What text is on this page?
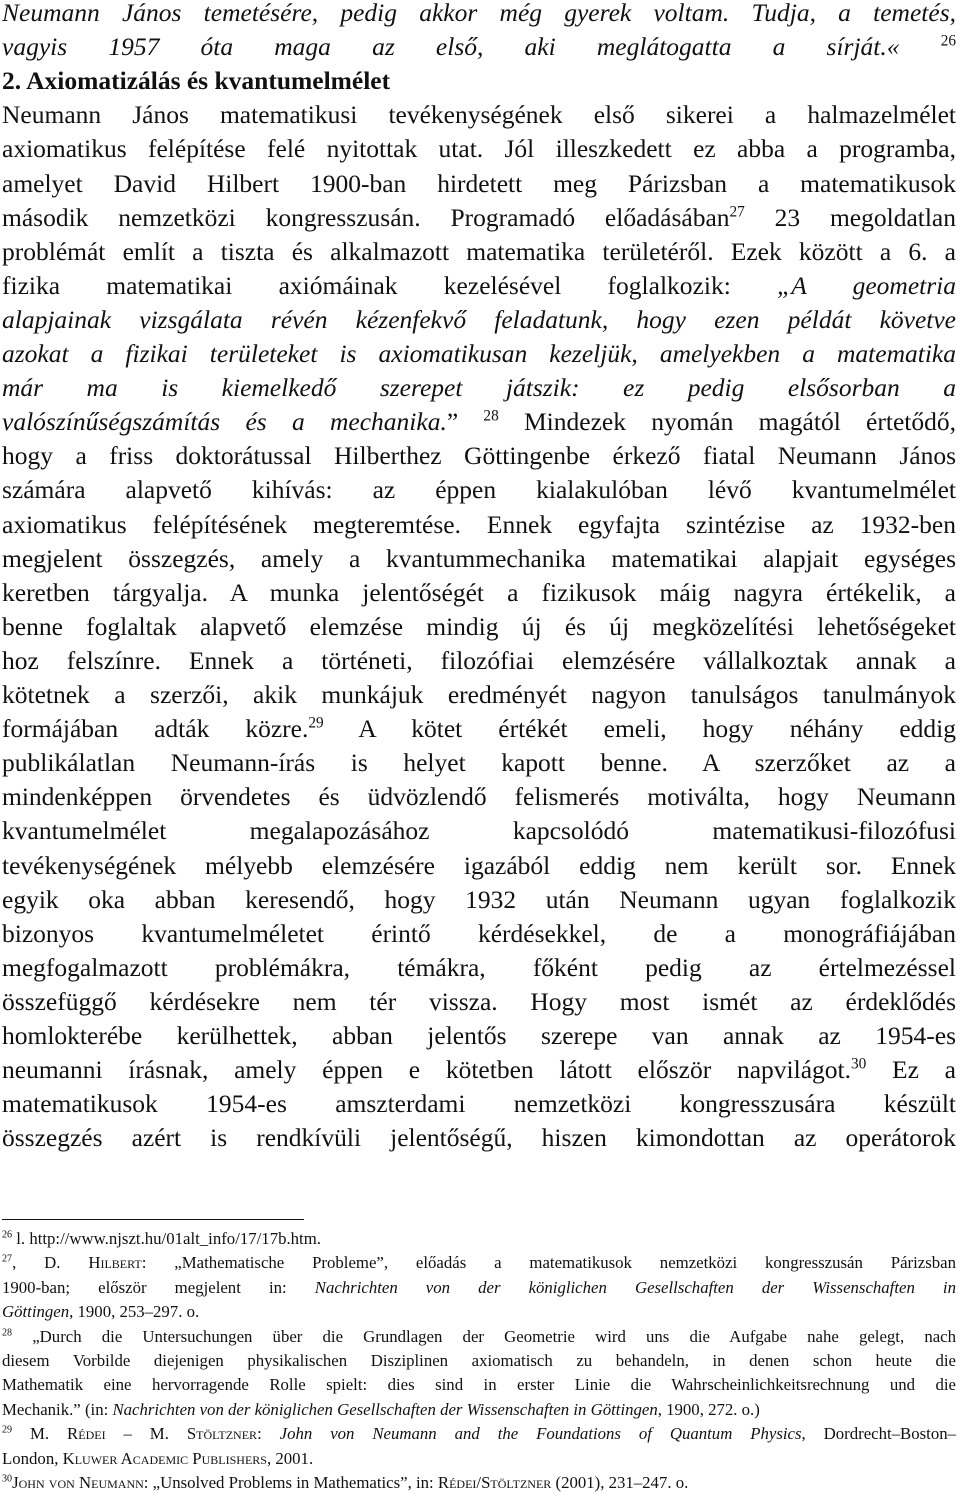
Neumann János temetésére, pedig akkor még gyerek voltam. Tudja, a temetés,
vagyis 1957 óta maga az első, aki meglátogatta a sírját.« $^{26}$
2. Axiomatizálás és kvantumelmélet
Neumann János matematikusi tevékenységének első sikerei a halmazelmélet
axiomatikus felépítése felé nyitottak utat. Jól illeszkedett ez abba a programba,
amelyet David Hilbert 1900-ban hirdetett meg Párizsban a matematikusok
második nemzetközi kongresszusán. Programadó előadásában$^{27}$ 23 megoldatlan
problémát említ a tiszta és alkalmazott matematika területéről. Ezek között a 6. a
fizika matematikai axiómáinak kezelésével foglalkozik: „A geometria
alapjainak vizsgálata révén kézenfekvő feladatunk, hogy ezen példát követve
azokat a fizikai területeket is axiomatikusan kezeljük, amelyekben a matematika
már ma is kiemelkedő szerepet játszik: ez pedig elsősorban a
valószínűségszámítás és a mechanika.” $^{28}$ Mindezek nyomán magától értetődő,
hogy a friss doktorátussal Hilberthez Göttingenbe érkező fiatal Neumann János
számára alapvető kihívás: az éppen kialakulóban lévő kvantumelmélet
axiomatikus felépítésének megteremtése. Ennek egyfajta szintézise az 1932-ben
megjelent összegzés, amely a kvantummechanika matematikai alapjait egységes
keretben tárgyalja. A munka jelentőségét a fizikusok máig nagyra értékelik, a
benne foglaltak alapvető elemzése mindig új és új megközelítési lehetőségeket
hoz felszínre. Ennek a történeti, filozófiai elemzésére vállalkoztak annak a
kötetnek a szerzői, akik munkájuk eredményét nagyon tanulságos tanulmányok
formájában adták közre.$^{29}$ A kötet értékét emeli, hogy néhány eddig
publikálatlan Neumann-írás is helyet kapott benne. A szerzőket az a
mindenképpen örvendetes és üdvözlendő felismerés motiválta, hogy Neumann
kvantumelmélet megalapozásához kapcsolódó matematikusi-filozófusi
tevékenységének mélyebb elemzésére igazából eddig nem került sor. Ennek
egyik oka abban keresendő, hogy 1932 után Neumann ugyan foglalkozik
bizonyos kvantumelméletet érintő kérdésekkel, de a monográfiájában
megfogalmazott problémákra, témákra, főként pedig az értelmezéssel
összefüggő kérdésekre nem tér vissza. Hogy most ismét az érdeklődés
homlokterébe kerülhettek, abban jelentős szerepe van annak az 1954-es
neumanni írásnak, amely éppen e kötetben látott először napvilágot.$^{30}$ Ez a
matematikusok 1954-es amszterdami nemzetközi kongresszusára készült
összegzés azért is rendkívüli jelentőségű, hiszen kimondottan az operátorok
$^{26}$ l. http://www.njszt.hu/01alt_info/17/17b.htm.
$^{27}$, D. Hilbert: „Mathematische Probleme”, előadás a matematikusok nemzetközi kongresszusán Párizsban
1900-ban; először megjelent in: Nachrichten von der königlichen Gesellschaften der Wissenschaften in
Göttingen, 1900, 253–297. o.
$^{28}$ „Durch die Untersuchungen über die Grundlagen der Geometrie wird uns die Aufgabe nahe gelegt, nach
diesem Vorbilde diejenigen physikalischen Disziplinen axiomatisch zu behandeln, in denen schon heute die
Mathematik eine hervorragende Rolle spielt: dies sind in erster Linie die Wahrscheinlichkeitsrechnung und die
Mechanik.” (in: Nachrichten von der königlichen Gesellschaften der Wissenschaften in Göttingen, 1900, 272. o.)
$^{29}$ M. Rédei – M. Stöltzner: John von Neumann and the Foundations of Quantum Physics, Dordrecht–Boston–
London, Kluwer Academic Publishers, 2001.
$^{30}$John von Neumann: „Unsolved Problems in Mathematics”, in: Rédei/Stöltzner (2001), 231–247. o.
